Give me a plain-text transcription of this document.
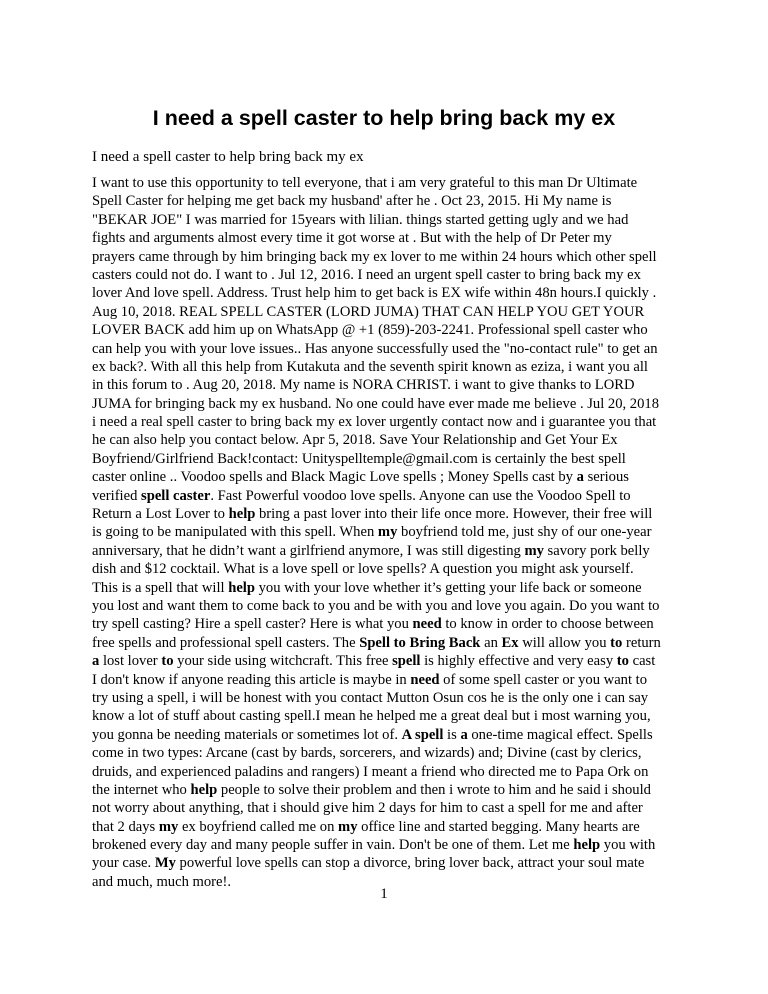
I need a spell caster to help bring back my ex

I need a spell caster to help bring back my ex

I want to use this opportunity to tell everyone, that i am very grateful to this man Dr Ultimate
Spell Caster for helping me get back my husband' after he . Oct 23, 2015. Hi My name is
"BEKAR JOE" I was married for 15years with lilian. things started getting ugly and we had
fights and arguments almost every time it got worse at . But with the help of Dr Peter my
prayers came through by him bringing back my ex lover to me within 24 hours which other spell
casters could not do. I want to . Jul 12, 2016. I need an urgent spell caster to bring back my ex
lover And love spell. Address. Trust help him to get back is EX wife within 48n hours.I quickly .
Aug 10, 2018. REAL SPELL CASTER (LORD JUMA) THAT CAN HELP YOU GET YOUR
LOVER BACK add him up on WhatsApp @ +1 (859)-203-2241. Professional spell caster who
can help you with your love issues.. Has anyone successfully used the "no-contact rule" to get an
ex back?. With all this help from Kutakuta and the seventh spirit known as eziza, i want you all
in this forum to . Aug 20, 2018. My name is NORA CHRIST. i want to give thanks to LORD
JUMA for bringing back my ex husband. No one could have ever made me believe . Jul 20, 2018
i need a real spell caster to bring back my ex lover urgently contact now and i guarantee you that
he can also help you contact below. Apr 5, 2018. Save Your Relationship and Get Your Ex
Boyfriend/Girlfriend Back!contact: Unityspelltemple@gmail.com is certainly the best spell
caster online .. Voodoo spells and Black Magic Love spells ; Money Spells cast by a serious
verified spell caster. Fast Powerful voodoo love spells. Anyone can use the Voodoo Spell to
Return a Lost Lover to help bring a past lover into their life once more. However, their free will
is going to be manipulated with this spell. When my boyfriend told me, just shy of our one-year
anniversary, that he didn’t want a girlfriend anymore, I was still digesting my savory pork belly
dish and $12 cocktail. What is a love spell or love spells? A question you might ask yourself.
This is a spell that will help you with your love whether it’s getting your life back or someone
you lost and want them to come back to you and be with you and love you again. Do you want to
try spell casting? Hire a spell caster? Here is what you need to know in order to choose between
free spells and professional spell casters. The Spell to Bring Back an Ex will allow you to return
a lost lover to your side using witchcraft. This free spell is highly effective and very easy to cast
I don't know if anyone reading this article is maybe in need of some spell caster or you want to
try using a spell, i will be honest with you contact Mutton Osun cos he is the only one i can say
know a lot of stuff about casting spell.I mean he helped me a great deal but i most warning you,
you gonna be needing materials or sometimes lot of. A spell is a one-time magical effect. Spells
come in two types: Arcane (cast by bards, sorcerers, and wizards) and; Divine (cast by clerics,
druids, and experienced paladins and rangers) I meant a friend who directed me to Papa Ork on
the internet who help people to solve their problem and then i wrote to him and he said i should
not worry about anything, that i should give him 2 days for him to cast a spell for me and after
that 2 days my ex boyfriend called me on my office line and started begging. Many hearts are
brokened every day and many people suffer in vain. Don't be one of them. Let me help you with
your case. My powerful love spells can stop a divorce, bring lover back, attract your soul mate
and much, much more!.

1
